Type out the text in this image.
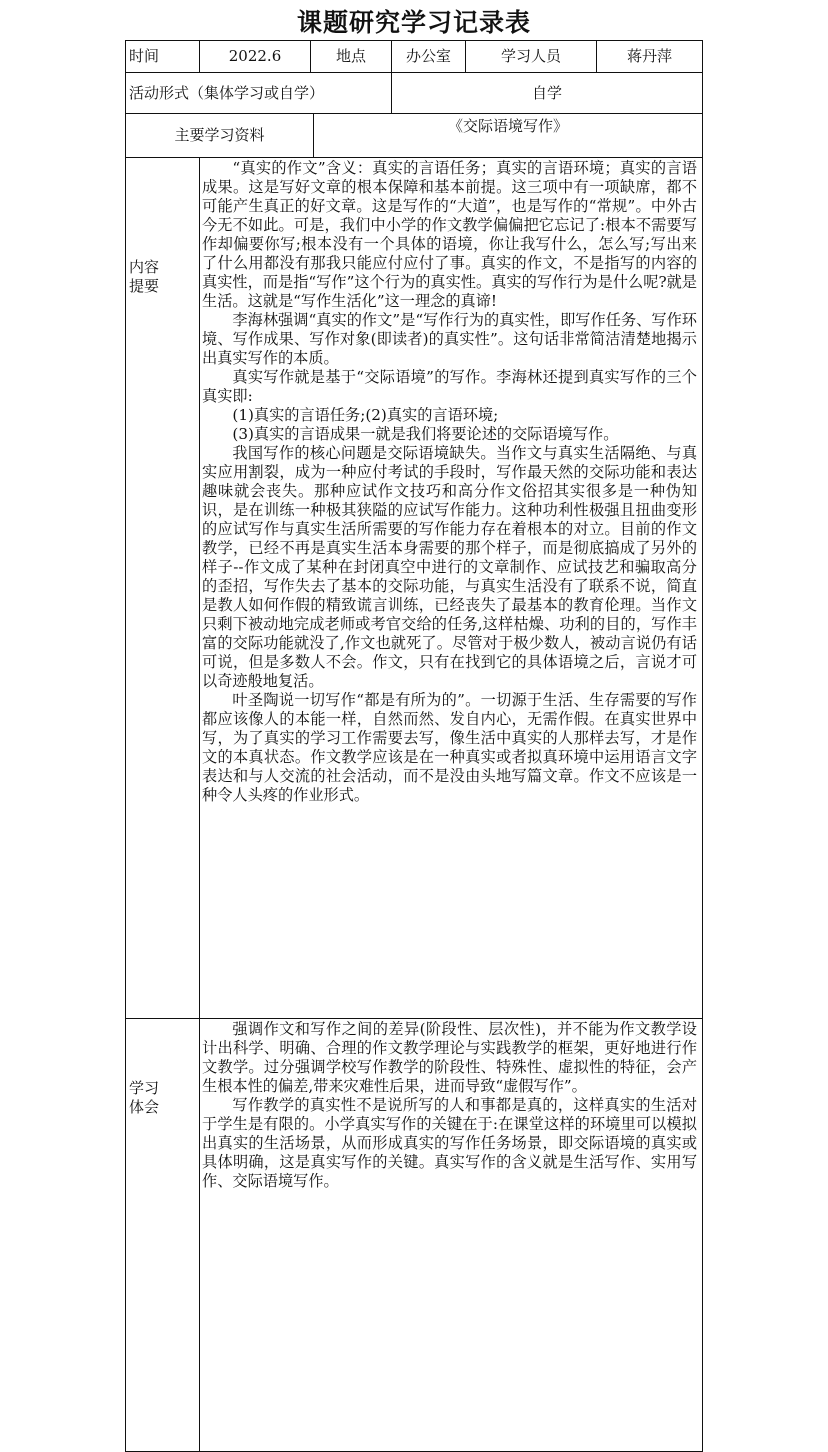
课题研究学习记录表
时间	2022.6	地点	办公室	学习人员	蒋丹萍
活动形式（集体学习或自学）	自学
主要学习资料	《交际语境写作》
内容
提要

“真实的作文”含义：真实的言语任务；真实的言语环境；真实的言语成果。这是写好文章的根本保障和基本前提。这三项中有一项缺席，都不可能产生真正的好文章。这是写作的“大道”，也是写作的“常规”。中外古今无不如此。可是，我们中小学的作文教学偏偏把它忘记了:根本不需要写作却偏要你写;根本没有一个具体的语境，你让我写什么，怎么写;写出来了什么用都没有那我只能应付应付了事。真实的作文，不是指写的内容的真实性，而是指“写作”这个行为的真实性。真实的写作行为是什么呢?就是生活。这就是“写作生活化”这一理念的真谛!

李海林强调“真实的作文”是“写作行为的真实性，即写作任务、写作环境、写作成果、写作对象(即读者)的真实性”。这句话非常简洁清楚地揭示出真实写作的本质。

真实写作就是基于“交际语境”的写作。李海林还提到真实写作的三个真实即:

(1)真实的言语任务;(2)真实的言语环境;

(3)真实的言语成果一就是我们将要论述的交际语境写作。

我国写作的核心问题是交际语境缺失。当作文与真实生活隔绝、与真实应用割裂，成为一种应付考试的手段时，写作最天然的交际功能和表达趣味就会丧失。那种应试作文技巧和高分作文俗招其实很多是一种伪知识，是在训练一种极其狭隘的应试写作能力。这种功利性极强且扭曲变形的应试写作与真实生活所需要的写作能力存在着根本的对立。目前的作文教学，已经不再是真实生活本身需要的那个样子，而是彻底搞成了另外的样子--作文成了某种在封闭真空中进行的文章制作、应试技艺和骗取高分的歪招，写作失去了基本的交际功能，与真实生活没有了联系不说，简直是教人如何作假的精致谎言训练，已经丧失了最基本的教育伦理。当作文只剩下被动地完成老师或考官交给的任务,这样枯燥、功利的目的，写作丰富的交际功能就没了,作文也就死了。尽管对于极少数人，被动言说仍有话可说，但是多数人不会。作文，只有在找到它的具体语境之后，言说才可以奇迹般地复活。

叶圣陶说一切写作“都是有所为的”。一切源于生活、生存需要的写作都应该像人的本能一样，自然而然、发自内心，无需作假。在真实世界中写，为了真实的学习工作需要去写，像生活中真实的人那样去写，才是作文的本真状态。作文教学应该是在一种真实或者拟真环境中运用语言文字表达和与人交流的社会活动，而不是没由头地写篇文章。作文不应该是一种令人头疼的作业形式。

学习
体会

强调作文和写作之间的差异(阶段性、层次性)，并不能为作文教学设计出科学、明确、合理的作文教学理论与实践教学的框架，更好地进行作文教学。过分强调学校写作教学的阶段性、特殊性、虚拟性的特征，会产生根本性的偏差,带来灾难性后果，进而导致“虚假写作”。

写作教学的真实性不是说所写的人和事都是真的，这样真实的生活对于学生是有限的。小学真实写作的关键在于:在课堂这样的环境里可以模拟出真实的生活场景，从而形成真实的写作任务场景，即交际语境的真实或具体明确，这是真实写作的关键。真实写作的含义就是生活写作、实用写作、交际语境写作。
